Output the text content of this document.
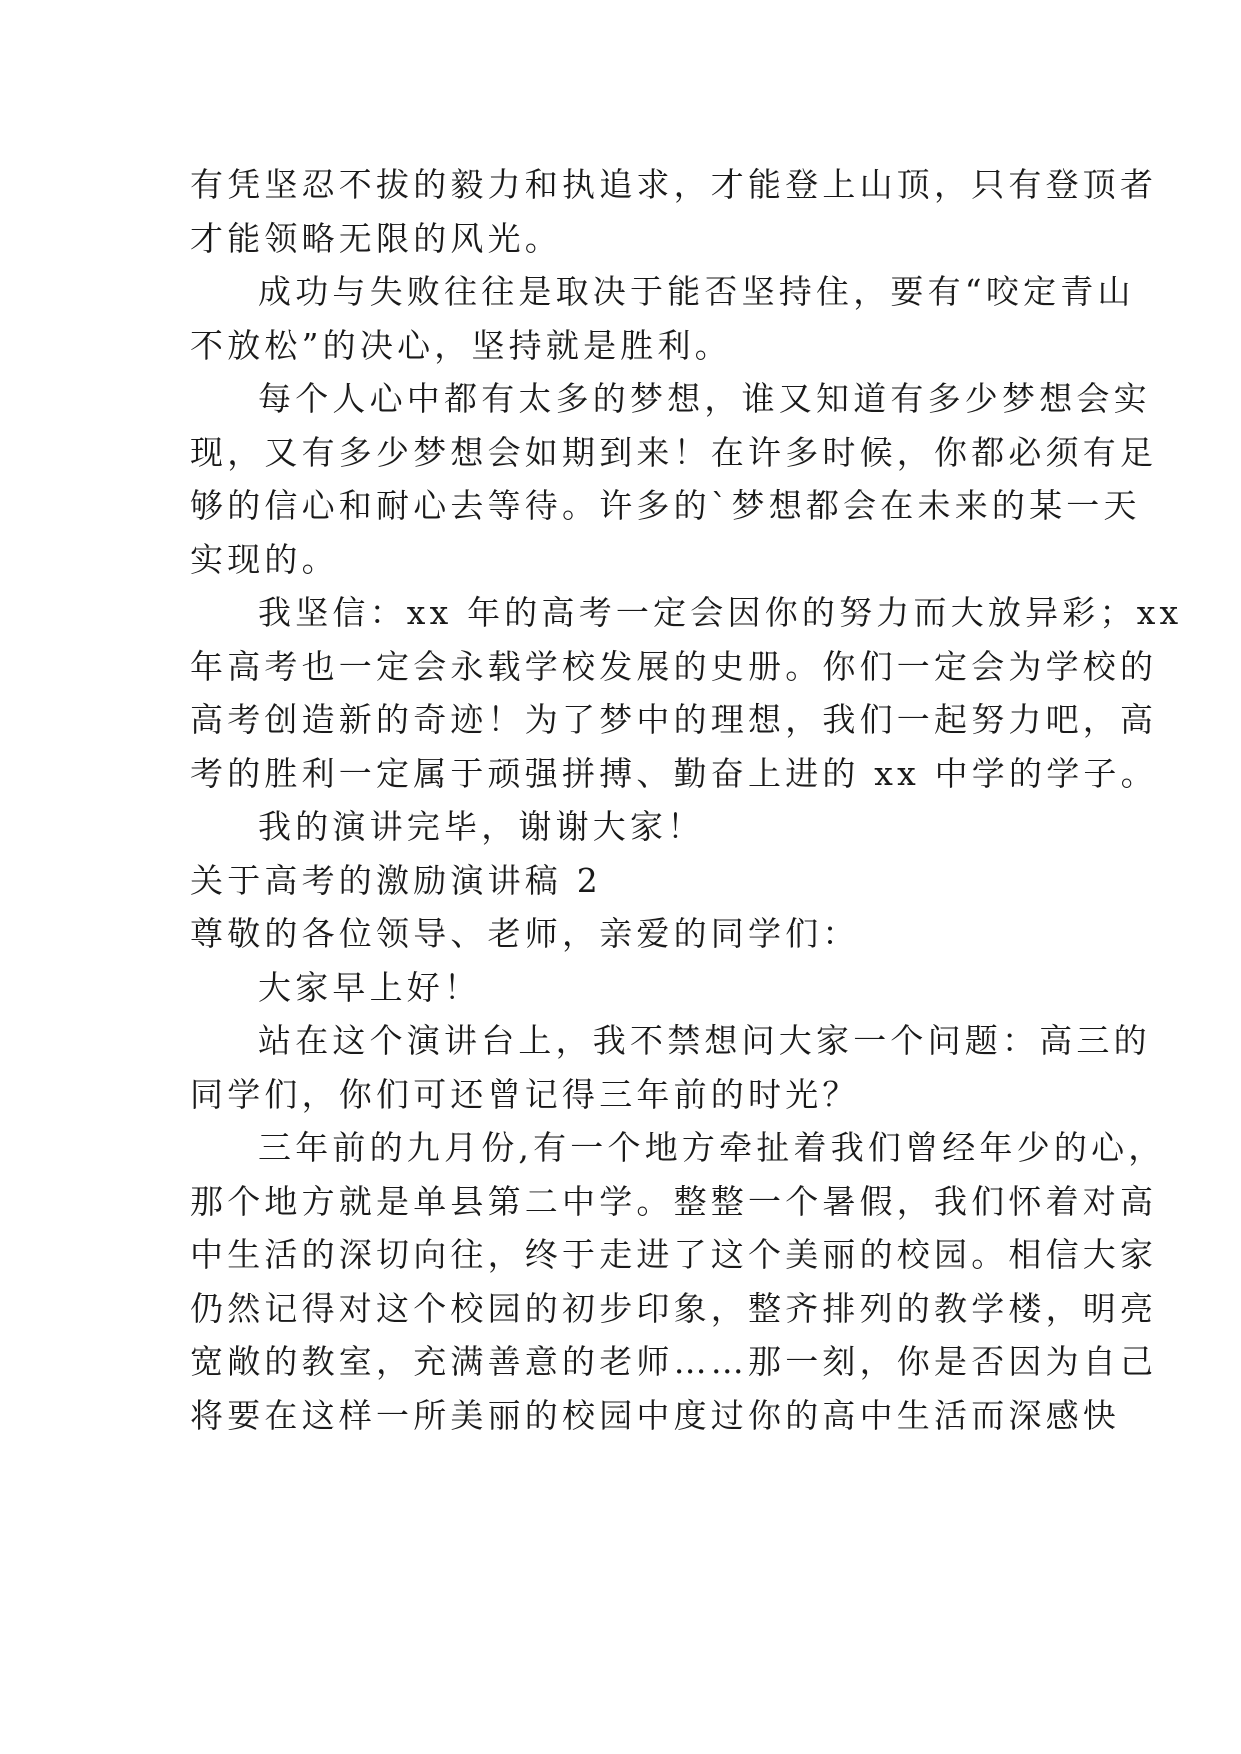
有凭坚忍不拔的毅力和执追求，才能登上山顶，只有登顶者
才能领略无限的风光。
成功与失败往往是取决于能否坚持住，要有“咬定青山
不放松”的决心，坚持就是胜利。
每个人心中都有太多的梦想，谁又知道有多少梦想会实
现，又有多少梦想会如期到来！在许多时候，你都必须有足
够的信心和耐心去等待。许多的`梦想都会在未来的某一天
实现的。
我坚信：xx 年的高考一定会因你的努力而大放异彩；xx
年高考也一定会永载学校发展的史册。你们一定会为学校的
高考创造新的奇迹！为了梦中的理想，我们一起努力吧，高
考的胜利一定属于顽强拼搏、勤奋上进的 xx 中学的学子。
我的演讲完毕，谢谢大家！
关于高考的激励演讲稿 2
尊敬的各位领导、老师，亲爱的同学们：
大家早上好！
站在这个演讲台上，我不禁想问大家一个问题：高三的
同学们，你们可还曾记得三年前的时光？
三年前的九月份,有一个地方牵扯着我们曾经年少的心，
那个地方就是单县第二中学。整整一个暑假，我们怀着对高
中生活的深切向往，终于走进了这个美丽的校园。相信大家
仍然记得对这个校园的初步印象，整齐排列的教学楼，明亮
宽敞的教室，充满善意的老师……那一刻，你是否因为自己
将要在这样一所美丽的校园中度过你的高中生活而深感快
